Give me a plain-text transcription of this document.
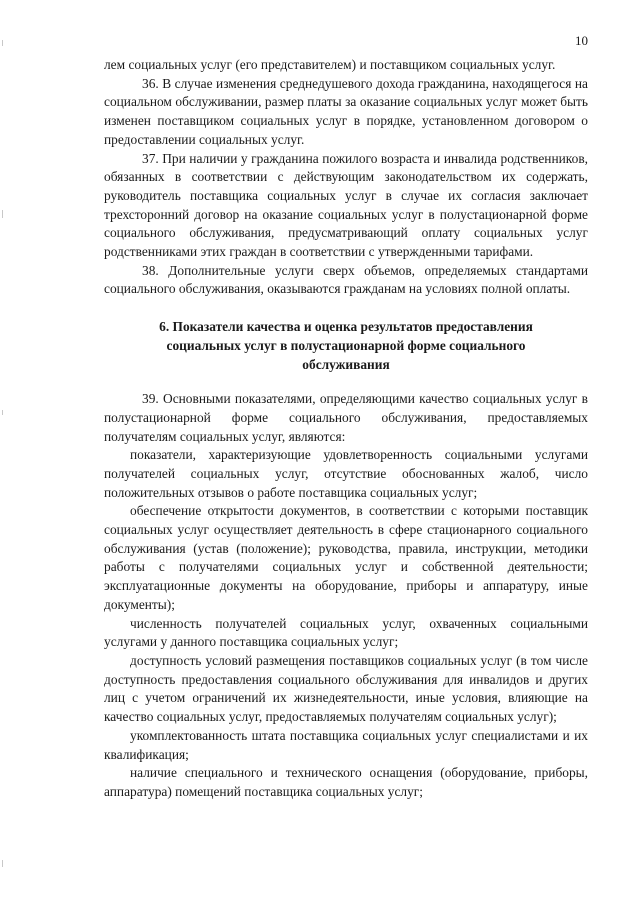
10

лем социальных услуг (его представителем) и поставщиком социальных услуг.

36. В случае изменения среднедушевого дохода гражданина, находящегося на социальном обслуживании, размер платы за оказание социальных услуг может быть изменен поставщиком социальных услуг в порядке, установленном договором о предоставлении социальных услуг.

37. При наличии у гражданина пожилого возраста и инвалида родственников, обязанных в соответствии с действующим законодательством их содержать, руководитель поставщика социальных услуг в случае их согласия заключает трехсторонний договор на оказание социальных услуг в полустационарной форме социального обслуживания, предусматривающий оплату социальных услуг родственниками этих граждан в соответствии с утвержденными тарифами.

38. Дополнительные услуги сверх объемов, определяемых стандартами социального обслуживания, оказываются гражданам на условиях полной оплаты.

6. Показатели качества и оценка результатов предоставления социальных услуг в полустационарной форме социального обслуживания

39. Основными показателями, определяющими качество социальных услуг в полустационарной форме социального обслуживания, предоставляемых получателям социальных услуг, являются:

показатели, характеризующие удовлетворенность социальными услугами получателей социальных услуг, отсутствие обоснованных жалоб, число положительных отзывов о работе поставщика социальных услуг;

обеспечение открытости документов, в соответствии с которыми поставщик социальных услуг осуществляет деятельность в сфере стационарного социального обслуживания (устав (положение); руководства, правила, инструкции, методики работы с получателями социальных услуг и собственной деятельности; эксплуатационные документы на оборудование, приборы и аппаратуру, иные документы);

численность получателей социальных услуг, охваченных социальными услугами у данного поставщика социальных услуг;

доступность условий размещения поставщиков социальных услуг (в том числе доступность предоставления социального обслуживания для инвалидов и других лиц с учетом ограничений их жизнедеятельности, иные условия, влияющие на качество социальных услуг, предоставляемых получателям социальных услуг);

укомплектованность штата поставщика социальных услуг специалистами и их квалификация;

наличие специального и технического оснащения (оборудование, приборы, аппаратура) помещений поставщика социальных услуг;
